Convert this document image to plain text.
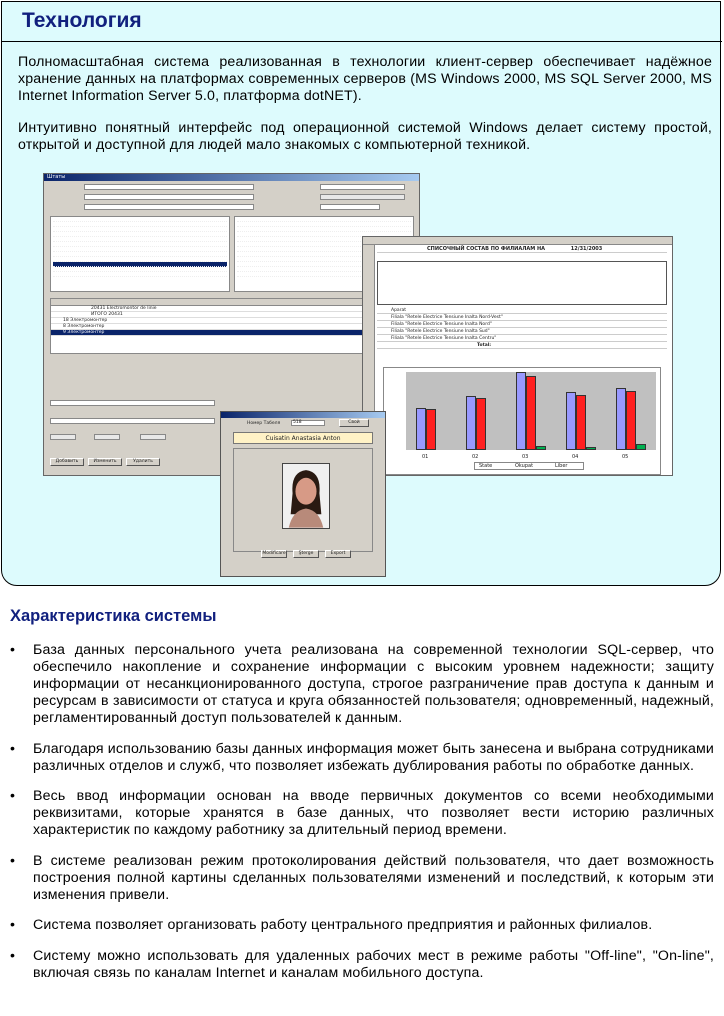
Технология

Полномасштабная система реализованная в технологии клиент-сервер обеспечивает надёжное хранение данных на платформах современных серверов (MS Windows 2000, MS SQL Server 2000, MS Internet Information Server 5.0, платформа dotNET).

Интуитивно понятный интерфейс под операционной системой Windows делает систему простой, открытой и доступной для людей мало знакомых с компьютерной техникой.

Штаты
20431 Electromontor de linie
ИТОГО 20431
18 Электромонтер
8 Электромонтер
9 Электромонтер
Добавить	Изменить	Удалить
СПИСОЧНЫЙ СОСТАВ ПО ФИЛИАЛАМ НА	12/31/2003
Aparat
Filiala "Retele Electrice Tensiune Inalta Nord-Vest"
Filiala "Retele Electrice Tensiune Inalta Nord"
Filiala "Retele Electrice Tensiune Inalta Sud"
Filiala "Retele Electrice Tensiune Inalta Centru"
Total:
01	02	03	04	05
State	Okupat	Liber
Номер Табеля	518	Свой
Cuisatin Anastasia Anton
Modificare	Şterge	Export
Характеристика системы
• База данных персонального учета реализована на современной технологии SQL-сервер, что обеспечило накопление и сохранение информации с высоким уровнем надежности; защиту информации от несанкционированного доступа, строгое разграничение прав доступа к данным и ресурсам в зависимости от статуса и круга обязанностей пользователя; одновременный, надежный, регламентированный доступ пользователей к данным.
• Благодаря использованию базы данных информация может быть занесена и выбрана сотрудниками различных отделов и служб, что позволяет избежать дублирования работы по обработке данных.
• Весь ввод информации основан на вводе первичных документов со всеми необходимыми реквизитами, которые хранятся в базе данных, что позволяет вести историю различных характеристик по каждому работнику за длительный период времени.
• В системе реализован режим протоколирования действий пользователя, что дает возможность построения полной картины сделанных пользователями изменений и последствий, к которым эти изменения привели.
• Система позволяет организовать работу центрального предприятия и районных филиалов.
• Систему можно использовать для удаленных рабочих мест в режиме работы "Off-line", "On-line", включая связь по каналам Internet и каналам мобильного доступа.
